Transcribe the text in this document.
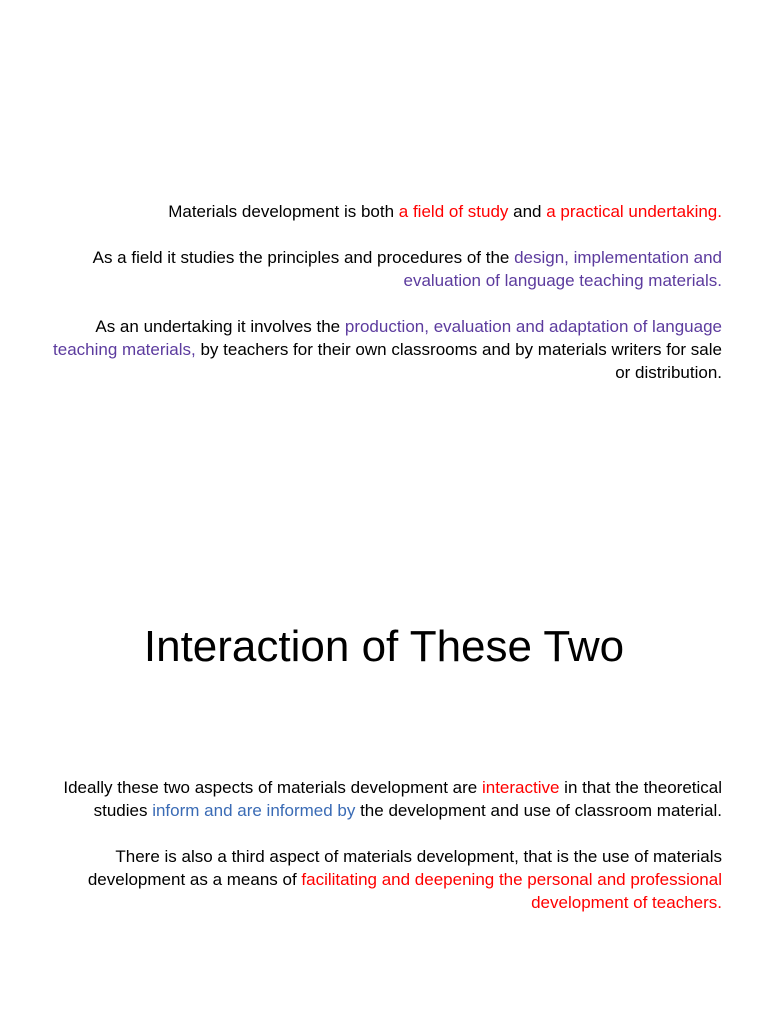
Materials development is both a field of study and a practical undertaking.

As a field it studies the principles and procedures of the design, implementation and evaluation of language teaching materials.

As an undertaking it involves the production, evaluation and adaptation of language teaching materials, by teachers for their own classrooms and by materials writers for sale or distribution.

Interaction of These Two

Ideally these two aspects of materials development are interactive in that the theoretical studies inform and are informed by the development and use of classroom material.

There is also a third aspect of materials development, that is the use of materials development as a means of facilitating and deepening the personal and professional development of teachers.
